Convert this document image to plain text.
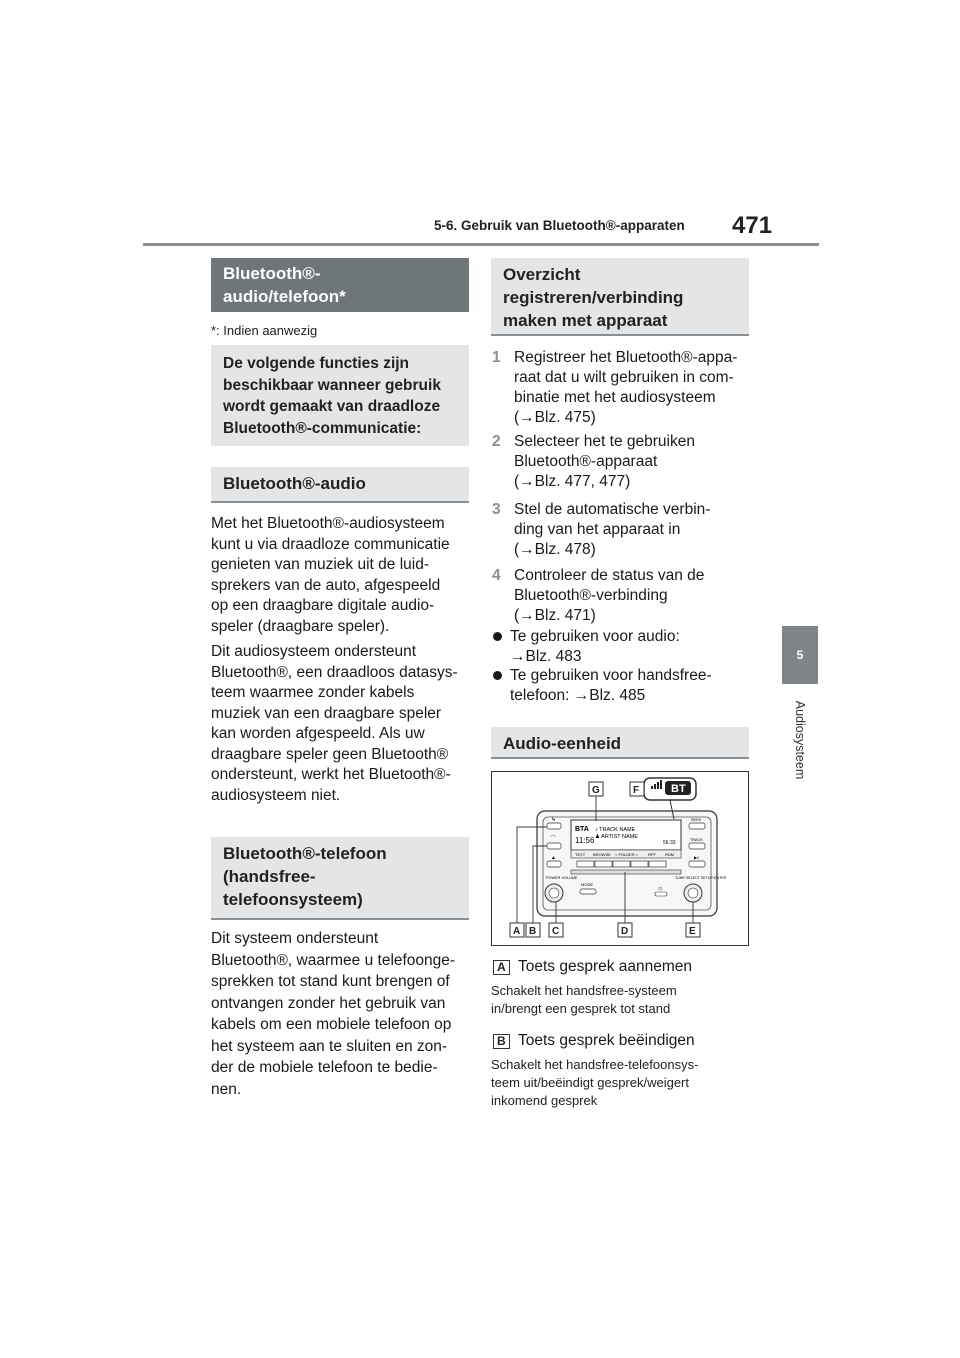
5-6. Gebruik van Bluetooth®-apparaten 471
5
Audiosysteem
Bluetooth®-
audio/telefoon*
*: Indien aanwezig
De volgende functies zijn
beschikbaar wanneer gebruik
wordt gemaakt van draadloze
Bluetooth®-communicatie:
Bluetooth®-audio

Met het Bluetooth®-audiosysteem
kunt u via draadloze communicatie
genieten van muziek uit de luid-
sprekers van de auto, afgespeeld
op een draagbare digitale audio-
speler (draagbare speler).

Dit audiosysteem ondersteunt
Bluetooth®, een draadloos datasys-
teem waarmee zonder kabels
muziek van een draagbare speler
kan worden afgespeeld. Als uw
draagbare speler geen Bluetooth®
ondersteunt, werkt het Bluetooth®-
audiosysteem niet.

Bluetooth®-telefoon
(handsfree-
telefoonsysteem)
Dit systeem ondersteunt
Bluetooth®, waarmee u telefoonge-
sprekken tot stand kunt brengen of
ontvangen zonder het gebruik van
kabels om een mobiele telefoon op
het systeem aan te sluiten en zon-
der de mobiele telefoon te bedie-
nen.
Overzicht
registreren/verbinding
maken met apparaat
1 Registreer het Bluetooth®-appa-
raat dat u wilt gebruiken in com-
binatie met het audiosysteem
(→Blz. 475)
2 Selecteer het te gebruiken
Bluetooth®-apparaat
(→Blz. 477, 477)
3 Stel de automatische verbin-
ding van het apparaat in
(→Blz. 478)
4 Controleer de status van de
Bluetooth®-verbinding
(→Blz. 471)
Te gebruiken voor audio:
→Blz. 483
Te gebruiken voor handsfree-
telefoon: →Blz. 485
Audio-eenheid
BTA
11:56
♪ TRACK NAME
♟ ARTIST NAME
56:33
TEXT BROWSE < FOLDER > RPT RDM
↳
⌒
▲
SEEK
TRACK
▶‖
POWER VOLUME	TUNE·SELECT SETUP·ENTER
MODE
☼
BT
G	F
A B C	D	E
A Toets gesprek aannemen
Schakelt het handsfree-systeem
in/brengt een gesprek tot stand
B Toets gesprek beëindigen
Schakelt het handsfree-telefoonsys-
teem uit/beëindigt gesprek/weigert
inkomend gesprek
